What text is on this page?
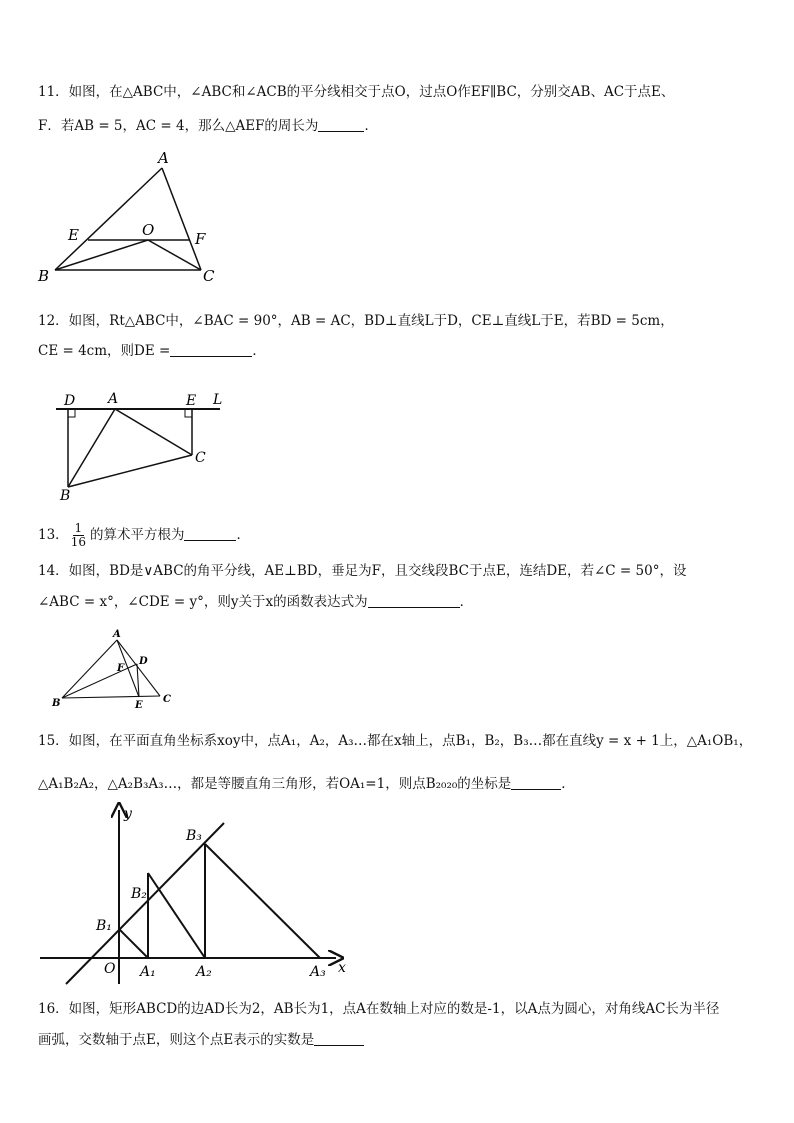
11．如图，在△ABC中，∠ABC和∠ACB的平分线相交于点O，过点O作EF∥BC，分别交AB、AC于点E、
F．若AB = 5，AC = 4，那么△AEF的周长为	．
A
B	C
E	F
O
12．如图，Rt△ABC中，∠BAC = 90°，AB = AC，BD⊥直线L于D，CE⊥直线L于E，若BD = 5cm，
CE = 4cm，则DE =	．
D A	E L
C
B
13． $\frac{1}{16}$ 的算术平方根为	．
14．如图，BD是∨ABC的角平分线，AE⊥BD，垂足为F，且交线段BC于点E，连结DE，若∠C = 50°，设
∠ABC = x°，∠CDE = y°，则y关于x的函数表达式为	．
A
B	C
D
E
F
15．如图，在平面直角坐标系xoy中，点A₁，A₂，A₃…都在x轴上，点B₁，B₂，B₃…都在直线y = x + 1上，△A₁OB₁，
△A₁B₂A₂，△A₂B₃A₃…，都是等腰直角三角形，若OA₁=1，则点B₂₀₂₀的坐标是	．
y
x
O A₁	A₂	A₃
B₁
B₂
B₃
16．如图，矩形ABCD的边AD长为2，AB长为1，点A在数轴上对应的数是-1，以A点为圆心，对角线AC长为半径
画弧，交数轴于点E，则这个点E表示的实数是
